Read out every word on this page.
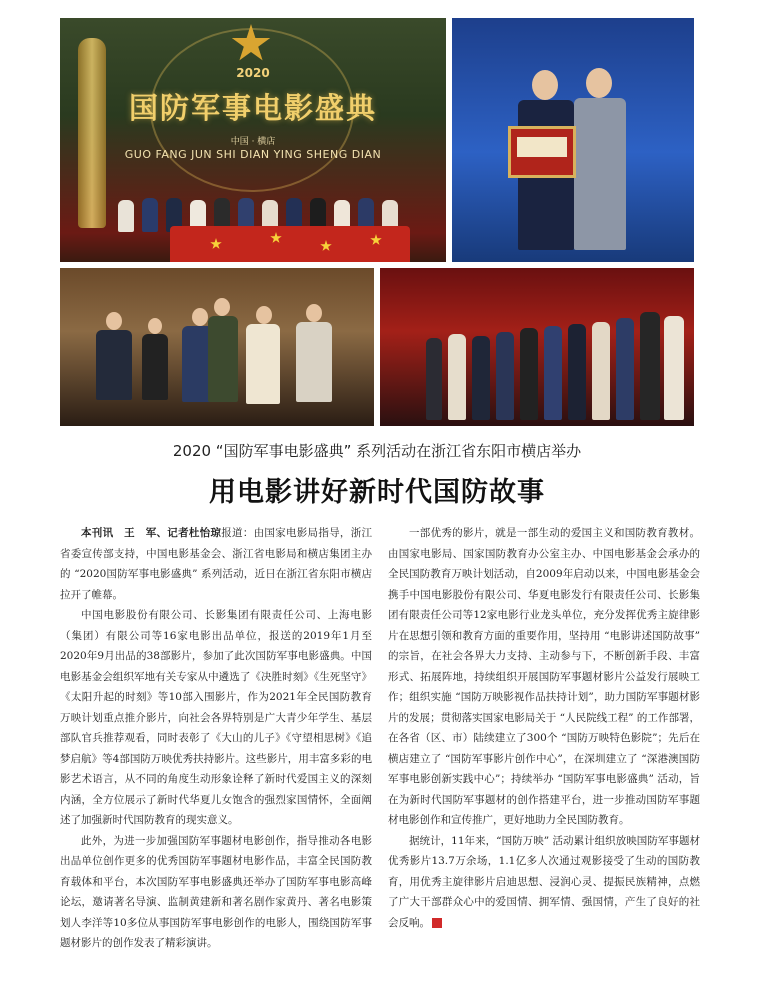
2020
国防军事电影盛典
中国 · 横店
GUO FANG JUN SHI DIAN YING SHENG DIAN
2020 “国防军事电影盛典” 系列活动在浙江省东阳市横店举办
用电影讲好新时代国防故事

本刊讯　王　军、记者杜怡琼报道：由国家电影局指导，浙江省委宣传部支持，中国电影基金会、浙江省电影局和横店集团主办的 “2020国防军事电影盛典” 系列活动，近日在浙江省东阳市横店拉开了帷幕。

中国电影股份有限公司、长影集团有限责任公司、上海电影（集团）有限公司等16家电影出品单位，报送的2019年1月至2020年9月出品的38部影片，参加了此次国防军事电影盛典。中国电影基金会组织军地有关专家从中遴选了《决胜时刻》《生死坚守》《太阳升起的时刻》等10部入围影片，作为2021年全民国防教育万映计划重点推介影片，向社会各界特别是广大青少年学生、基层部队官兵推荐观看，同时表彰了《大山的儿子》《守望相思树》《追梦启航》等4部国防万映优秀扶持影片。这些影片，用丰富多彩的电影艺术语言，从不同的角度生动形象诠释了新时代爱国主义的深刻内涵，全方位展示了新时代华夏儿女饱含的强烈家国情怀，全面阐述了加强新时代国防教育的现实意义。

此外，为进一步加强国防军事题材电影创作，指导推动各电影出品单位创作更多的优秀国防军事题材电影作品，丰富全民国防教育载体和平台，本次国防军事电影盛典还举办了国防军事电影高峰论坛，邀请著名导演、监制黄建新和著名剧作家黄丹、著名电影策划人李洋等10多位从事国防军事电影创作的电影人，围绕国防军事题材影片的创作发表了精彩演讲。

一部优秀的影片，就是一部生动的爱国主义和国防教育教材。由国家电影局、国家国防教育办公室主办、中国电影基金会承办的全民国防教育万映计划活动，自2009年启动以来，中国电影基金会携手中国电影股份有限公司、华夏电影发行有限责任公司、长影集团有限责任公司等12家电影行业龙头单位，充分发挥优秀主旋律影片在思想引领和教育方面的重要作用，坚持用 “电影讲述国防故事” 的宗旨，在社会各界大力支持、主动参与下，不断创新手段、丰富形式、拓展阵地，持续组织开展国防军事题材影片公益发行展映工作；组织实施 “国防万映影视作品扶持计划”，助力国防军事题材影片的发展；贯彻落实国家电影局关于 “人民院线工程” 的工作部署，在各省（区、市）陆续建立了300个 “国防万映特色影院”；先后在横店建立了 “国防军事影片创作中心”，在深圳建立了 “深港澳国防军事电影创新实践中心”；持续举办 “国防军事电影盛典” 活动，旨在为新时代国防军事题材的创作搭建平台，进一步推动国防军事题材电影创作和宣传推广，更好地助力全民国防教育。

据统计，11年来，“国防万映” 活动累计组织放映国防军事题材优秀影片13.7万余场，1.1亿多人次通过观影接受了生动的国防教育，用优秀主旋律影片启迪思想、浸润心灵、提振民族精神，点燃了广大干部群众心中的爱国情、拥军情、强国情，产生了良好的社会反响。	G
